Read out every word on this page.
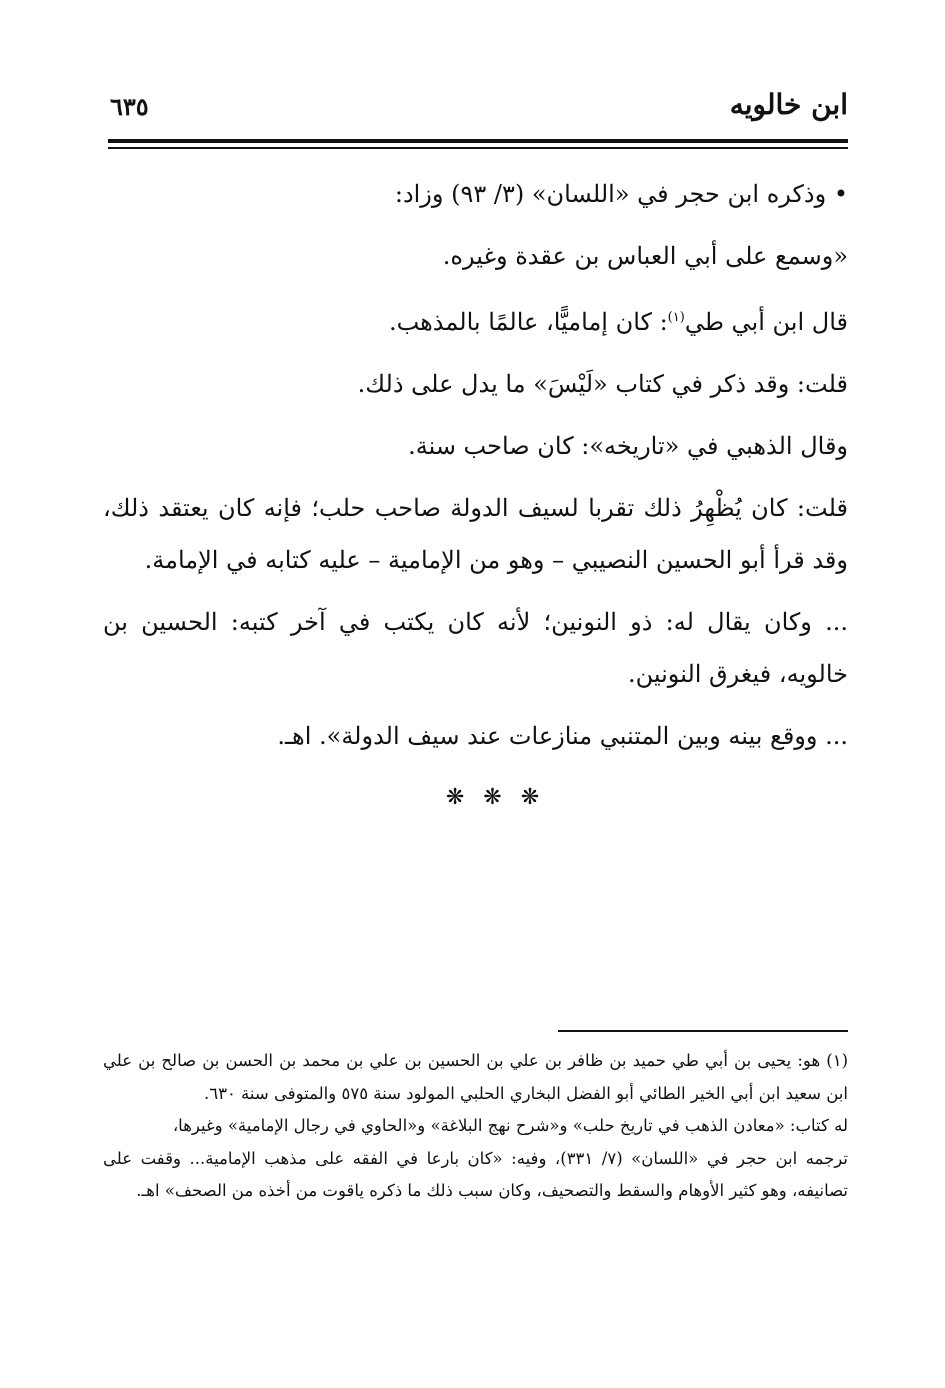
ابن خالويه
٦٣٥

• وذكره ابن حجر في «اللسان» (٣/ ٩٣) وزاد:

«وسمع على أبي العباس بن عقدة وغيره.

قال ابن أبي طي$^{(١)}$: كان إماميًّا، عالمًا بالمذهب.

قلت: وقد ذكر في كتاب «لَيْسَ» ما يدل على ذلك.

وقال الذهبي في «تاريخه»: كان صاحب سنة.

قلت: كان يُظْهِرُ ذلك تقربا لسيف الدولة صاحب حلب؛ فإنه كان يعتقد ذلك، وقد قرأ أبو الحسين النصيبي – وهو من الإمامية – عليه كتابه في الإمامة.

... وكان يقال له: ذو النونين؛ لأنه كان يكتب في آخر كتبه: الحسين بن خالويه، فيغرق النونين.

... ووقع بينه وبين المتنبي منازعات عند سيف الدولة». اهـ.

❋ ❋ ❋

(١) هو: يحيى بن أبي طي حميد بن ظافر بن علي بن الحسين بن علي بن محمد بن الحسن بن صالح بن علي ابن سعيد ابن أبي الخير الطائي أبو الفضل البخاري الحلبي المولود سنة ٥٧٥ والمتوفى سنة ٦٣٠.

له كتاب: «معادن الذهب في تاريخ حلب» و«شرح نهج البلاغة» و«الحاوي في رجال الإمامية» وغيرها،

ترجمه ابن حجر في «اللسان» (٧/ ٣٣١)، وفيه: «كان بارعا في الفقه على مذهب الإمامية... وقفت على تصانيفه، وهو كثير الأوهام والسقط والتصحيف، وكان سبب ذلك ما ذكره ياقوت من أخذه من الصحف» اهـ.
